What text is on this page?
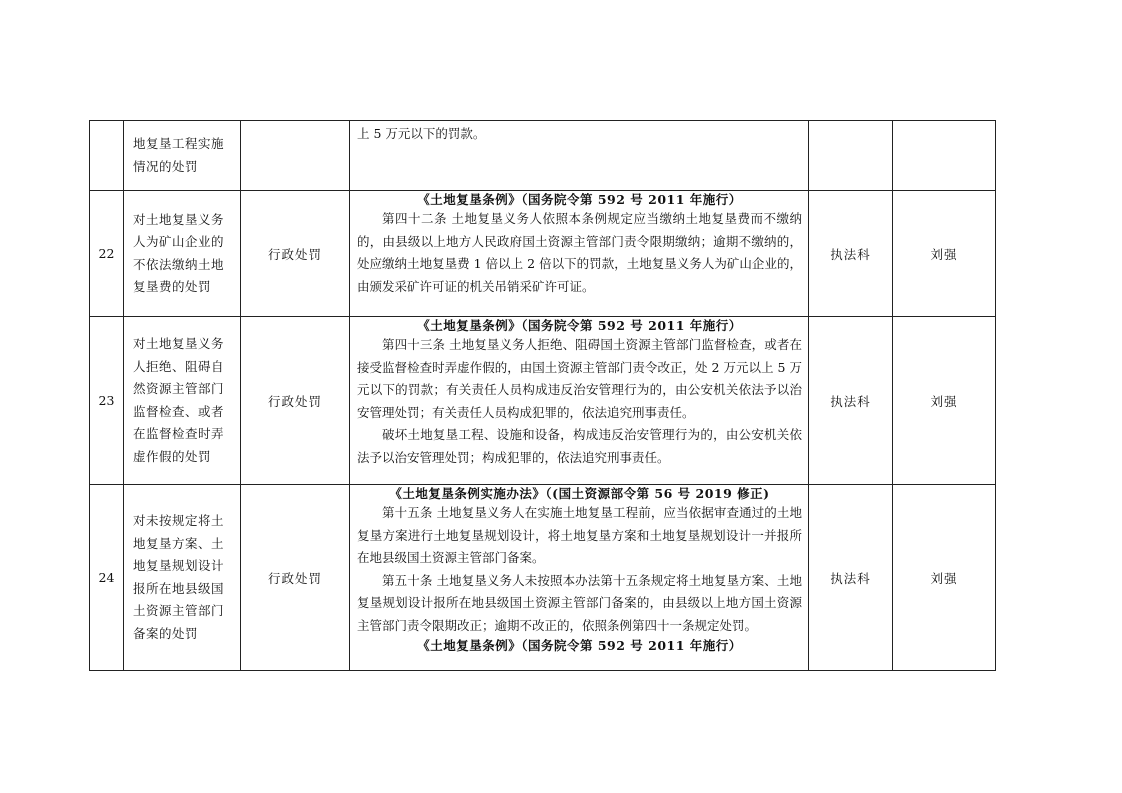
	地复垦工程实施情况的处罚		上 5 万元以下的罚款。		

22	对土地复垦义务人为矿山企业的不依法缴纳土地复垦费的处罚	行政处罚	《土地复垦条例》（国务院令第 592 号 2011 年施行）
第四十二条 土地复垦义务人依照本条例规定应当缴纳土地复垦费而不缴纳的，由县级以上地方人民政府国土资源主管部门责令限期缴纳；逾期不缴纳的，处应缴纳土地复垦费 1 倍以上 2 倍以下的罚款，土地复垦义务人为矿山企业的，由颁发采矿许可证的机关吊销采矿许可证。	执法科	刘强
23	对土地复垦义务人拒绝、阻碍自然资源主管部门监督检查、或者在监督检查时弄虚作假的处罚	行政处罚	《土地复垦条例》（国务院令第 592 号 2011 年施行）
第四十三条 土地复垦义务人拒绝、阻碍国土资源主管部门监督检查，或者在接受监督检查时弄虚作假的，由国土资源主管部门责令改正，处 2 万元以上 5 万元以下的罚款；有关责任人员构成违反治安管理行为的，由公安机关依法予以治安管理处罚；有关责任人员构成犯罪的，依法追究刑事责任。
破坏土地复垦工程、设施和设备，构成违反治安管理行为的，由公安机关依法予以治安管理处罚；构成犯罪的，依法追究刑事责任。	执法科	刘强
24	对未按规定将土地复垦方案、土地复垦规划设计报所在地县级国土资源主管部门备案的处罚	行政处罚	《土地复垦条例实施办法》（(国土资源部令第 56 号 2019 修正)
第十五条 土地复垦义务人在实施土地复垦工程前，应当依据审查通过的土地复垦方案进行土地复垦规划设计，将土地复垦方案和土地复垦规划设计一并报所在地县级国土资源主管部门备案。
第五十条 土地复垦义务人未按照本办法第十五条规定将土地复垦方案、土地复垦规划设计报所在地县级国土资源主管部门备案的，由县级以上地方国土资源主管部门责令限期改正；逾期不改正的，依照条例第四十一条规定处罚。
《土地复垦条例》（国务院令第 592 号 2011 年施行）	执法科	刘强
